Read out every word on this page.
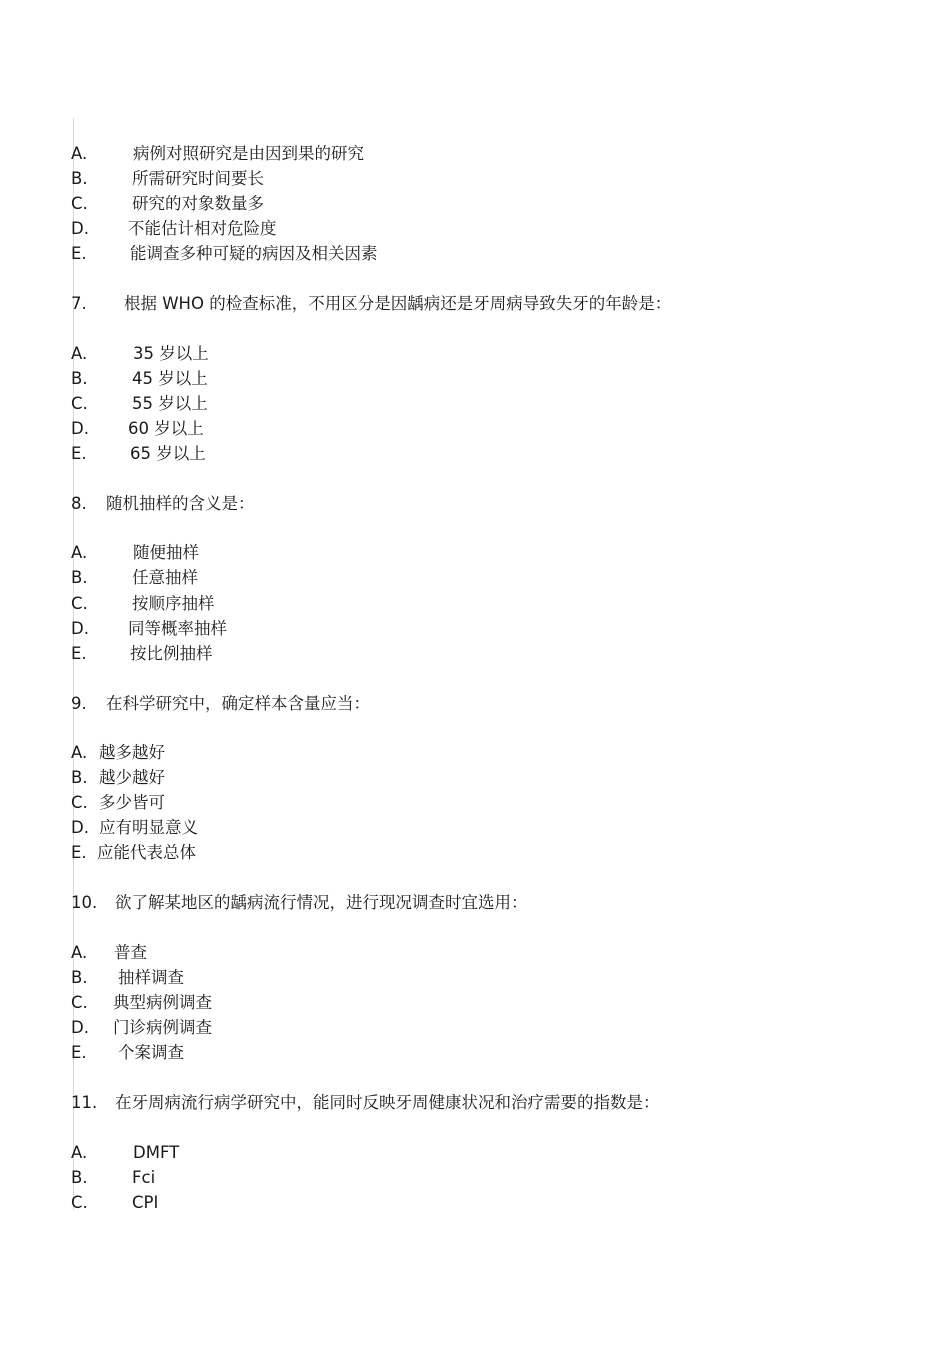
A.	病例对照研究是由因到果的研究
B.	所需研究时间要长
C.	研究的对象数量多
D. 不能估计相对危险度
E.	能调查多种可疑的病因及相关因素
7. 根据 WHO 的检查标准，不用区分是因龋病还是牙周病导致失牙的年龄是：
A.	35 岁以上
B.	45 岁以上
C.	55 岁以上
D. 60 岁以上
E.	65 岁以上
8. 随机抽样的含义是：
A.	随便抽样
B.	任意抽样
C.	按顺序抽样
D. 同等概率抽样
E.	按比例抽样
9. 在科学研究中，确定样本含量应当：
A. 越多越好
B. 越少越好
C. 多少皆可
D. 应有明显意义
E. 应能代表总体
10. 欲了解某地区的龋病流行情况，进行现况调查时宜选用：
A. 普查
B. 抽样调查
C. 典型病例调查
D. 门诊病例调查
E. 个案调查
11. 在牙周病流行病学研究中，能同时反映牙周健康状况和治疗需要的指数是：
A.	DMFT
B.	Fci
C.	CPI
